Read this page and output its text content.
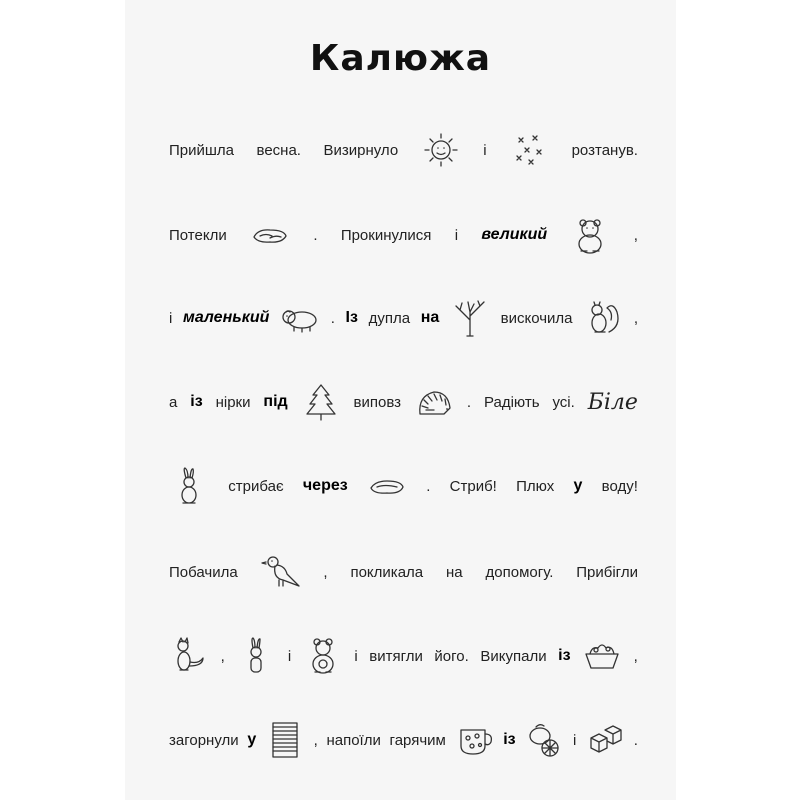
Калюжа
Прийшла весна. Визирнуло	і	розтанув.
Потекли	. Прокинулися і великий	,
і маленький	. Із дупла на	вискочила	,
а із нірки під	виповз	. Радіють усі. Біле
стрибає через	. Стриб! Плюх у воду!
Побачила	, покликала на допомогу. Прибігли
,	і	і витягли його. Викупали із	,
загорнули у	, напоїли гарячим	із	і	.
